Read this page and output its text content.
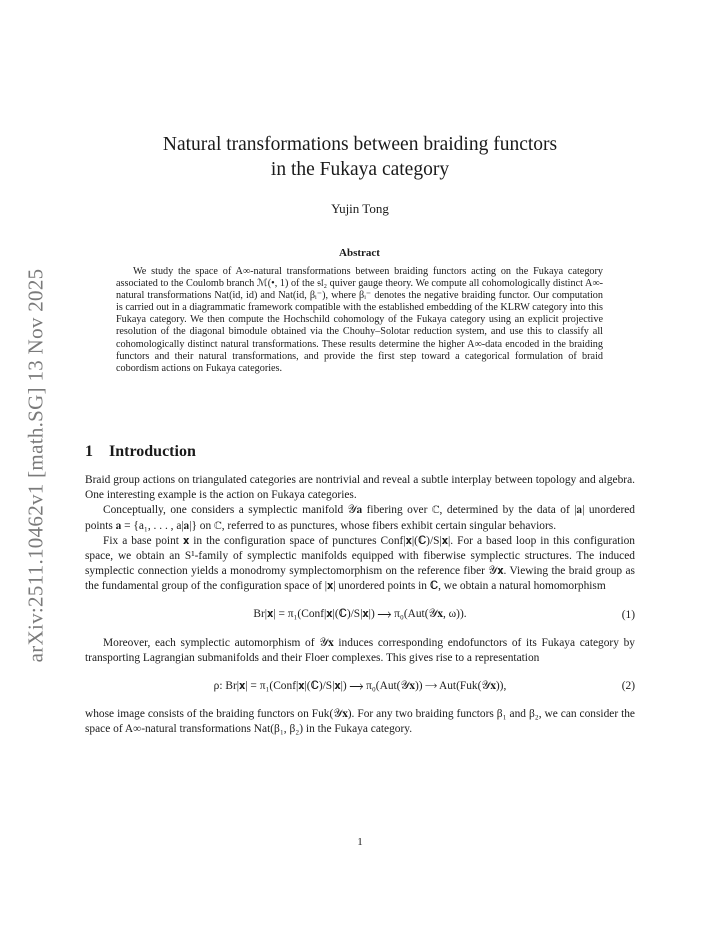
arXiv:2511.10462v1 [math.SG] 13 Nov 2025
Natural transformations between braiding functors
in the Fukaya category
Yujin Tong
Abstract

We study the space of A∞-natural transformations between braiding functors acting on the Fukaya category associated to the Coulomb branch ℳ(•, 1) of the 𝔰𝔩₂ quiver gauge theory. We compute all cohomologically distinct A∞-natural transformations Nat(id, id) and Nat(id, βᵢ⁻), where βᵢ⁻ denotes the negative braiding functor. Our computation is carried out in a diagrammatic framework compatible with the established embedding of the KLRW category into this Fukaya category. We then compute the Hochschild cohomology of the Fukaya category using an explicit projective resolution of the diagonal bimodule obtained via the Chouhy–Solotar reduction system, and use this to classify all cohomologically distinct natural transformations. These results determine the higher A∞-data encoded in the braiding functors and their natural transformations, and provide the first step toward a categorical formulation of braid cobordism actions on Fukaya categories.

1 Introduction

Braid group actions on triangulated categories are nontrivial and reveal a subtle interplay between topology and algebra. One interesting example is the action on Fukaya categories.

Conceptually, one considers a symplectic manifold 𝒴𝐚 fibering over ℂ, determined by the data of |𝐚| unordered points 𝐚 = {a₁, . . . , a|𝐚|} on ℂ, referred to as punctures, whose fibers exhibit certain singular behaviors.

Fix a base point 𝐱 in the configuration space of punctures Conf|𝐱|(ℂ)/S|𝐱|. For a based loop in this configuration space, we obtain an S¹-family of symplectic manifolds equipped with fiberwise symplectic structures. The induced symplectic connection yields a monodromy symplectomorphism on the reference fiber 𝒴𝐱. Viewing the braid group as the fundamental group of the configuration space of |𝐱| unordered points in ℂ, we obtain a natural homomorphism

Br|𝐱| = π₁(Conf|𝐱|(ℂ)/S|𝐱|) ⟶ π₀(Aut(𝒴𝐱, ω)).	(1)

Moreover, each symplectic automorphism of 𝒴𝐱 induces corresponding endofunctors of its Fukaya category by transporting Lagrangian submanifolds and their Floer complexes. This gives rise to a representation

ρ: Br|𝐱| = π₁(Conf|𝐱|(ℂ)/S|𝐱|) ⟶ π₀(Aut(𝒴𝐱)) ⟶ Aut(Fuk(𝒴𝐱)),	(2)

whose image consists of the braiding functors on Fuk(𝒴𝐱). For any two braiding functors β₁ and β₂, we can consider the space of A∞-natural transformations Nat(β₁, β₂) in the Fukaya category.

1
